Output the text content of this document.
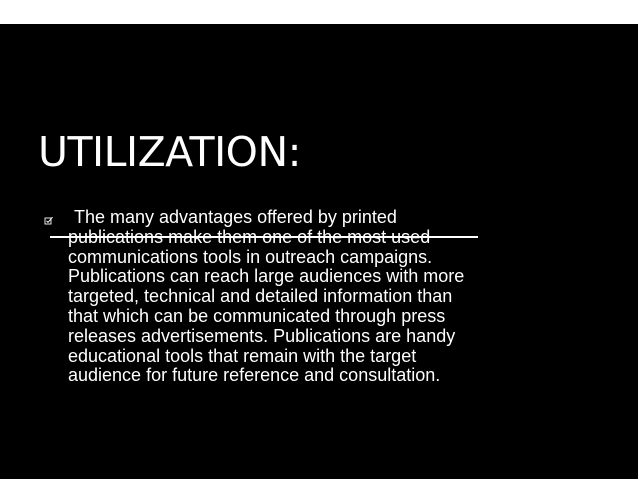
UTILIZATION:

The many advantages offered by printed
publications make them one of the most used
communications tools in outreach campaigns.
Publications can reach large audiences with more
targeted, technical and detailed information than
that which can be communicated through press
releases advertisements. Publications are handy
educational tools that remain with the target
audience for future reference and consultation.
